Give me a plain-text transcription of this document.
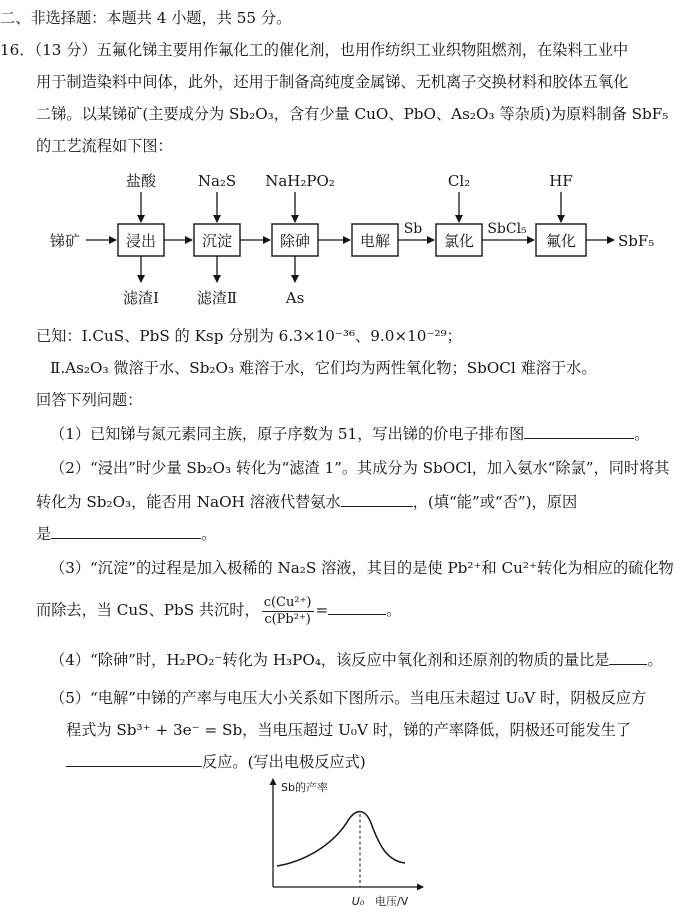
二、非选择题：本题共 4 小题，共 55 分。
16．（13 分）五氟化锑主要用作氟化工的催化剂，也用作纺织工业织物阻燃剂，在染料工业中
用于制造染料中间体，此外，还用于制备高纯度金属锑、无机离子交换材料和胶体五氧化
二锑。以某锑矿(主要成分为 Sb₂O₃，含有少量 CuO、PbO、As₂O₃ 等杂质)为原料制备 SbF₅
的工艺流程如下图：
锑矿	浸出
盐酸
滤渣Ⅰ
沉淀
Na₂S
滤渣Ⅱ
除砷
NaH₂PO₂
As
电解
Sb
氯化
Cl₂
SbCl₅
氟化
HF
SbF₅
已知：Ⅰ.CuS、PbS 的 Ksp 分别为 6.3×10⁻³⁶、9.0×10⁻²⁹；
Ⅱ.As₂O₃ 微溶于水、Sb₂O₃ 难溶于水，它们均为两性氧化物；SbOCl 难溶于水。
回答下列问题：
（1）已知锑与氮元素同主族，原子序数为 51，写出锑的价电子排布图	。
（2）“浸出”时少量 Sb₂O₃ 转化为“滤渣 1”。其成分为 SbOCl，加入氨水“除氯”，同时将其
转化为 Sb₂O₃，能否用 NaOH 溶液代替氨水	，(填“能”或“否”)，原因
是	。
（3）“沉淀”的过程是加入极稀的 Na₂S 溶液，其目的是使 Pb²⁺和 Cu²⁺转化为相应的硫化物
而除去，当 CuS、PbS 共沉时， $\frac{\text{c(Cu²⁺)}}{\text{c(Pb²⁺)}}$ =	。
（4）“除砷”时，H₂PO₂⁻转化为 H₃PO₄，该反应中氧化剂和还原剂的物质的量比是	。
（5）“电解”中锑的产率与电压大小关系如下图所示。当电压未超过 U₀V 时，阴极反应方
程式为 Sb³⁺ + 3e⁻ = Sb，当电压超过 U₀V 时，锑的产率降低，阴极还可能发生了
反应。(写出电极反应式)
Sb的产率
电压/V
U₀
